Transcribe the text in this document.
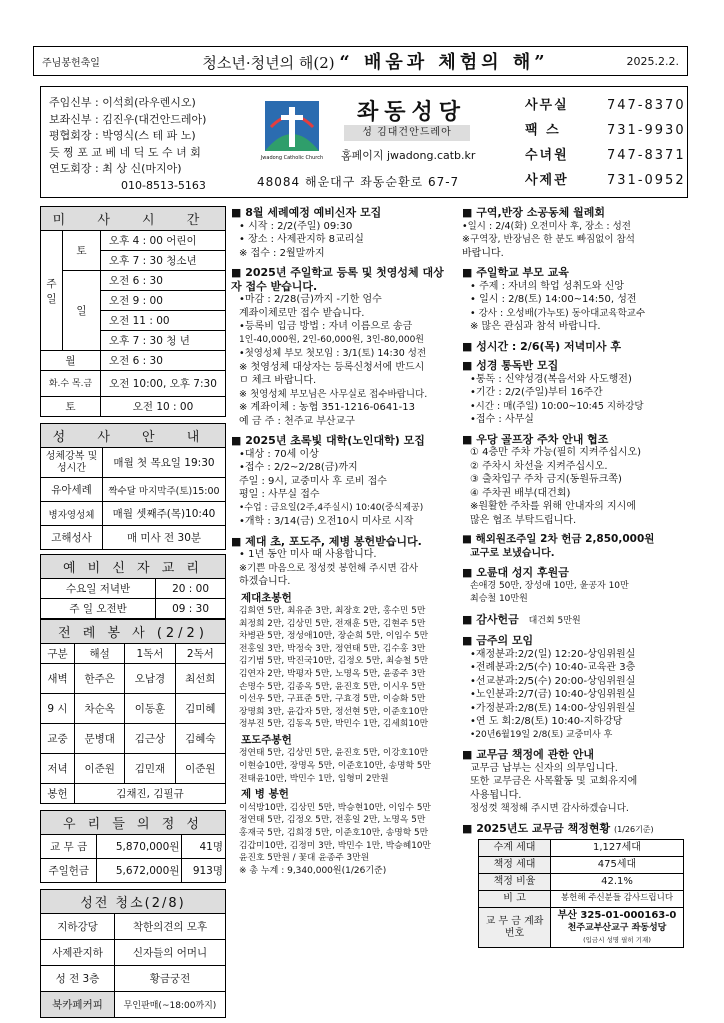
주님봉헌축일	청소년·청년의 해(2) “ 배움과 체험의 해”	2025.2.2.
주임신부 : 이석희(라우렌시오)
보좌신부 : 김진우(대건안드레아)
평협회장 : 박영식(스 테 파 노)
듯 찡 포 교 베 네 딕 도 수 녀 회
연도회장 : 최 상 신(마지아)
010-8513-5163
Jwadong Catholic Church
좌동성당
성 김대건안드레아
홈페이지 jwadong.catb.kr
48084 해운대구 좌동순환로 67-7
사무실	747-8370
팩 스	731-9930
수녀원	747-8371
사제관	731-0952
미 사 시 간		
주일	토	오후 4 : 00 어린이
		오후 7 : 30 청소년
	일	오전 6 : 30
		오전 9 : 00
		오전 11 : 00
		오후 7 : 30 청 년
월		오전 6 : 30
화.수 목.금		오전 10:00, 오후 7:30
토		오전 10 : 00
성 사 안 내	
성체강복 및 성시간	매월 첫 목요일 19:30
유아세례	짝수달 마지막주(토)15:00
병자영성체	매월 셋째주(목)10:40
고해성사	매 미사 전 30분
예 비 신 자 교 리	
수요일 저녁반	20 : 00
주 일 오전반	09 : 30
전 례 봉 사 (2/2)			
구분	해설	1독서	2독서
새벽	한주은	오남경	최선희
9 시	차순옥	이동훈	김미혜
교중	문병대	김근상	김혜숙
저녁	이준원	김민재	이준원
봉헌	김채진, 김필규		
우 리 들 의 정 성		
교 무 금	5,870,000원	41명
주일헌금	5,672,000원	913명
성전 청소(2/8)	
지하강당	착한의견의 모후
사제관지하	신자들의 어머니
성 전 3층	황금궁전
북카페커피	무인판매(~18:00까지)
■ 8월 세례예정 예비신자 모집
• 시작 : 2/2(주일) 09:30
• 장소 : 사제관지하 8교리실
※ 접수 : 2월말까지
■ 2025년 주일학교 등록 및 첫영성체 대상자 접수 받습니다.
•마감 : 2/28(금)까지 -기한 엄수
계좌이체로만 접수 받습니다.
•등록비 입금 방법 : 자녀 이름으로 송금
1인-40,000원, 2인-60,000원, 3인-80,000원
•첫영성체 부모 첫모임 : 3/1(토) 14:30 성전
※ 첫영성체 대상자는 등록신청서에 반드시
ㅁ 체크 바랍니다.
※ 첫영성체 부모님은 사무실로 접수바랍니다.
※ 계좌이체 : 농협 351-1216-0641-13
예 금 주 : 천주교 부산교구
■ 2025년 초록빛 대학(노인대학) 모집
•대상 : 70세 이상
•접수 : 2/2~2/28(금)까지
주일 : 9시, 교중미사 후 로비 접수
평일 : 사무실 접수
•수업 : 금요일(2주,4주실시) 10:40(중식제공)
•개학 : 3/14(금) 오전10시 미사로 시작
■ 제대 초, 포도주, 제병 봉헌받습니다.
• 1년 동안 미사 때 사용합니다.
※기쁜 마음으로 정성껏 봉헌해 주시면 감사
하겠습니다.
제대초봉헌
김희연 5만, 최유준 3만, 최장호 2만, 홍수민 5만
최정희 2만, 김상민 5만, 전재훈 5만, 김현주 5만
차병관 5만, 정성애10만, 장순희 5만, 이임수 5만
전홍일 3만, 박정숙 3만, 정연태 5만, 김수홍 3만
김기범 5만, 박진국10만, 김정오 5만, 최승철 5만
김연자 2만, 박평자 5만, 노명옥 5만, 윤종주 3만
손명수 5만, 김종옥 5만, 윤진호 5만, 이시우 5만
이선우 5만, 구표준 5만, 구효경 5만, 이승화 5만
장명희 3만, 윤갑자 5만, 정선현 5만, 이준호10만
정부진 5만, 김동옥 5만, 박민수 1만, 김세희10만
포도주봉헌
정연태 5만, 김상민 5만, 윤진호 5만, 이강호10만
이현승10만, 장명옥 5만, 이준호10만, 송명학 5만
전태윤10만, 박민수 1만, 임형미 2만원
제 병 봉헌
이석방10만, 김상민 5만, 박승현10만, 이임수 5만
정연태 5만, 김정오 5만, 전홍일 2만, 노명옥 5만
홍재국 5만, 김희경 5만, 이준호10만, 송명학 5만
김갑미10만, 김정미 3만, 박민수 1만, 박승혜10만
윤진호 5만원 / 꽃대 윤종주 3만원
※ 총 누계 : 9,340,000원(1/26기준)
■ 구역,반장 소공동체 월례회
•일시 : 2/4(화) 오전미사 후, 장소 : 성전
※구역장, 반장님은 한 분도 빠짐없이 참석
바랍니다.
■ 주일학교 부모 교육
• 주제 : 자녀의 학업 성취도와 신앙
• 일시 : 2/8(토) 14:00~14:50, 성전
• 강사 : 오성배(가누또) 동아대교육학교수
※ 많은 관심과 참석 바랍니다.
■ 성시간 : 2/6(목) 저녁미사 후
■ 성경 통독반 모집
•통독 : 신약성경(복음서와 사도행전)
•기간 : 2/2(주일)부터 16주간
•시간 : 매(주일) 10:00~10:45 지하강당
•접수 : 사무실
■ 우당 골프장 주차 안내 협조
① 4층만 주차 가능(필히 지켜주십시오)
② 주차시 차선을 지켜주십시오.
③ 출차입구 주차 금지(동원듀크쪽)
④ 주차권 배부(대건회)
※원활한 주차를 위해 안내자의 지시에
많은 협조 부탁드립니다.
■ 해외원조주일 2차 헌금 2,850,000원
교구로 보냈습니다.
■ 오륜대 성지 후원금
손애경 50만, 장성애 10만, 윤공자 10만
최승철 10만원
■ 감사헌금 대건회 5만원
■ 금주의 모임
•재정분과:2/2(일) 12:20-상임위원실
•전례분과:2/5(수) 10:40-교육관 3층
•선교분과:2/5(수) 20:00-상임위원실
•노인분과:2/7(금) 10:40-상임위원실
•가정분과:2/8(토) 14:00-상임위원실
•연 도 회:2/8(토) 10:40-지하강당
•20년6월19일 2/8(토) 교중미사 후
■ 교무금 책정에 관한 안내
교무금 납부는 신자의 의무입니다.
또한 교무금은 사목활동 및 교회유지에
사용됩니다.
정성껏 책정해 주시면 감사하겠습니다.
■ 2025년도 교무금 책정현황 (1/26기준)
수계 세대	1,127세대
책정 세대	475세대
책정 비율	42.1%
비 고	봉헌해 주신분들 감사드립니다
교 무 금 계좌번호	부산 325-01-000163-0
천주교부산교구 좌동성당
(입금시 성명 필히 기재)
